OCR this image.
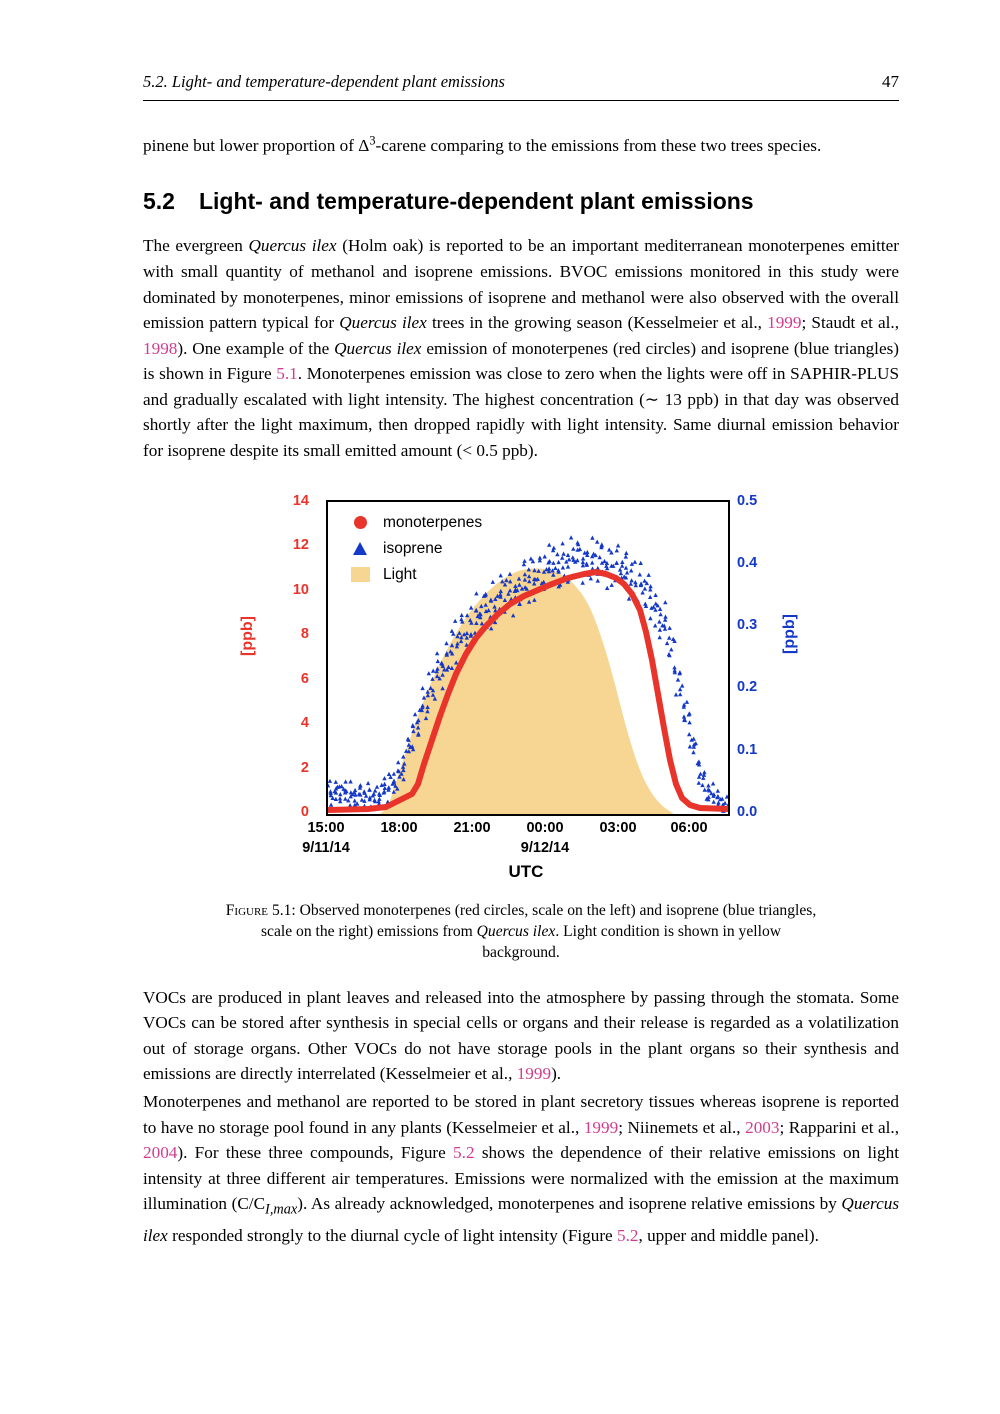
5.2. Light- and temperature-dependent plant emissions	47

pinene but lower proportion of $\Delta^3$-carene comparing to the emissions from these two trees species.

5.2 Light- and temperature-dependent plant emissions

The evergreen Quercus ilex (Holm oak) is reported to be an important mediterranean monoterpenes emitter with small quantity of methanol and isoprene emissions. BVOC emissions monitored in this study were dominated by monoterpenes, minor emissions of isoprene and methanol were also observed with the overall emission pattern typical for Quercus ilex trees in the growing season (Kesselmeier et al., 1999; Staudt et al., 1998). One example of the Quercus ilex emission of monoterpenes (red circles) and isoprene (blue triangles) is shown in Figure 5.1. Monoterpenes emission was close to zero when the lights were off in SAPHIR-PLUS and gradually escalated with light intensity. The highest concentration (∼ 13 ppb) in that day was observed shortly after the light maximum, then dropped rapidly with light intensity. Same diurnal emission behavior for isoprene despite its small emitted amount (< 0.5 ppb).

[ppb]	[ppb]
14
12
10
8
6
4
2
0
0.5
0.4
0.3
0.2
0.1
0.0
monoterpenes
isoprene
Light
15:00	18:00	21:00	00:00	03:00	06:00
9/11/14	9/12/14
UTC
Figure 5.1: Observed monoterpenes (red circles, scale on the left) and isoprene (blue triangles, scale on the right) emissions from Quercus ilex. Light condition is shown in yellow background.

VOCs are produced in plant leaves and released into the atmosphere by passing through the stomata. Some VOCs can be stored after synthesis in special cells or organs and their release is regarded as a volatilization out of storage organs. Other VOCs do not have storage pools in the plant organs so their synthesis and emissions are directly interrelated (Kesselmeier et al., 1999).

Monoterpenes and methanol are reported to be stored in plant secretory tissues whereas isoprene is reported to have no storage pool found in any plants (Kesselmeier et al., 1999; Niinemets et al., 2003; Rapparini et al., 2004). For these three compounds, Figure 5.2 shows the dependence of their relative emissions on light intensity at three different air temperatures. Emissions were normalized with the emission at the maximum illumination $(C/C_{I,max})$. As already acknowledged, monoterpenes and isoprene relative emissions by Quercus ilex responded strongly to the diurnal cycle of light intensity (Figure 5.2, upper and middle panel).
